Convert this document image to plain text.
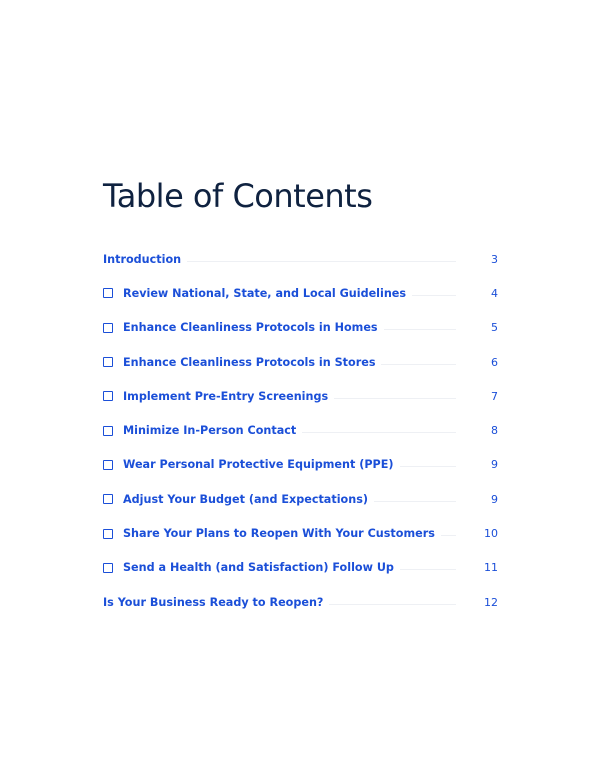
Table of Contents
Introduction	3
Review National, State, and Local Guidelines	4
Enhance Cleanliness Protocols in Homes	5
Enhance Cleanliness Protocols in Stores	6
Implement Pre-Entry Screenings	7
Minimize In-Person Contact	8
Wear Personal Protective Equipment (PPE)	9
Adjust Your Budget (and Expectations)	9
Share Your Plans to Reopen With Your Customers	10
Send a Health (and Satisfaction) Follow Up	11
Is Your Business Ready to Reopen?	12
